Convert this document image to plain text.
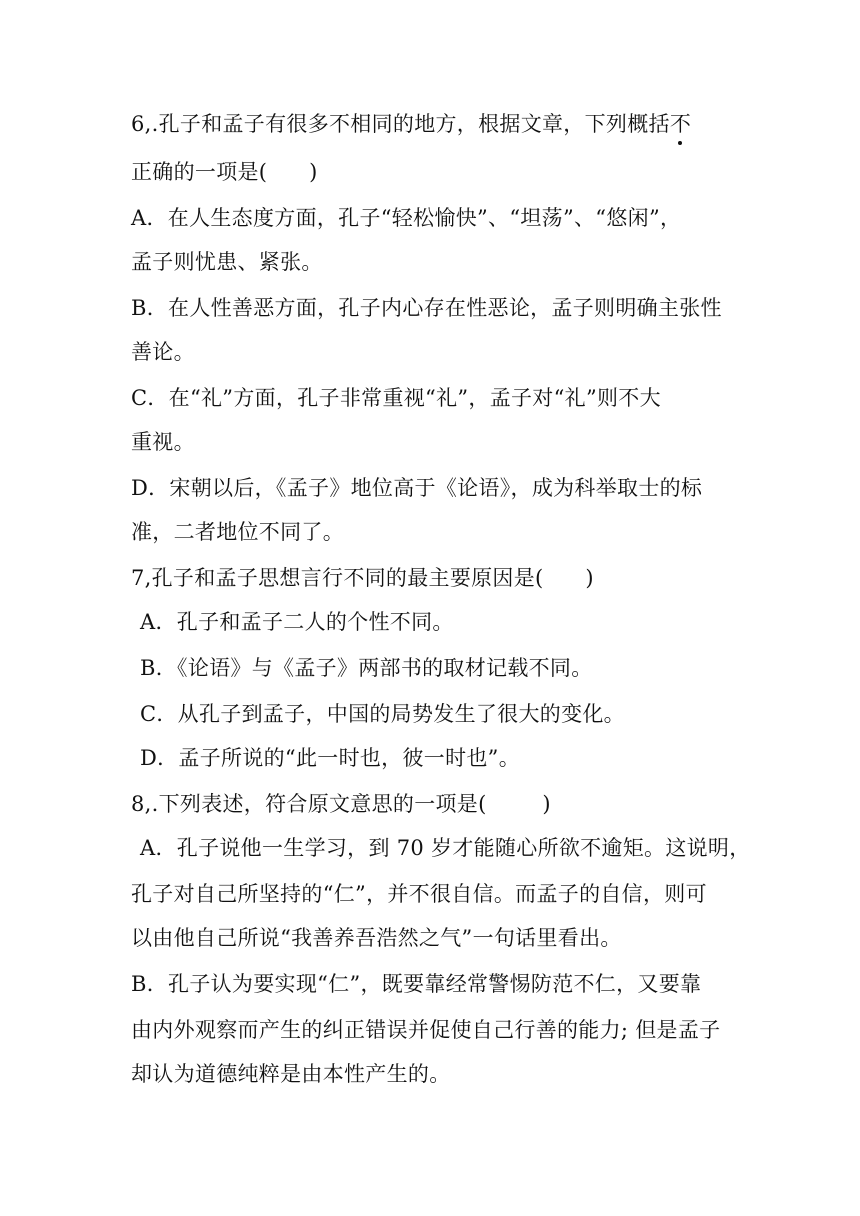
6,.孔子和孟子有很多不相同的地方，根据文章，下列概括不
正确的一项是(      )
A．在人生态度方面，孔子“轻松愉快”、“坦荡”、“悠闲”，
孟子则忧患、紧张。
B．在人性善恶方面，孔子内心存在性恶论，孟子则明确主张性
善论。
C．在“礼”方面，孔子非常重视“礼”，孟子对“礼”则不大
重视。
D．宋朝以后，《孟子》地位高于《论语》，成为科举取士的标
准，二者地位不同了。
7,孔子和孟子思想言行不同的最主要原因是(      )
A．孔子和孟子二人的个性不同。
B．《论语》与《孟子》两部书的取材记载不同。
C．从孔子到孟子，中国的局势发生了很大的变化。
D．孟子所说的“此一时也，彼一时也”。
8,.下列表述，符合原文意思的一项是(        )
A．孔子说他一生学习，到 70 岁才能随心所欲不逾矩。这说明，
孔子对自己所坚持的“仁”，并不很自信。而孟子的自信，则可
以由他自己所说“我善养吾浩然之气”一句话里看出。
B．孔子认为要实现“仁”，既要靠经常警惕防范不仁，又要靠
由内外观察而产生的纠正错误并促使自己行善的能力; 但是孟子
却认为道德纯粹是由本性产生的。
